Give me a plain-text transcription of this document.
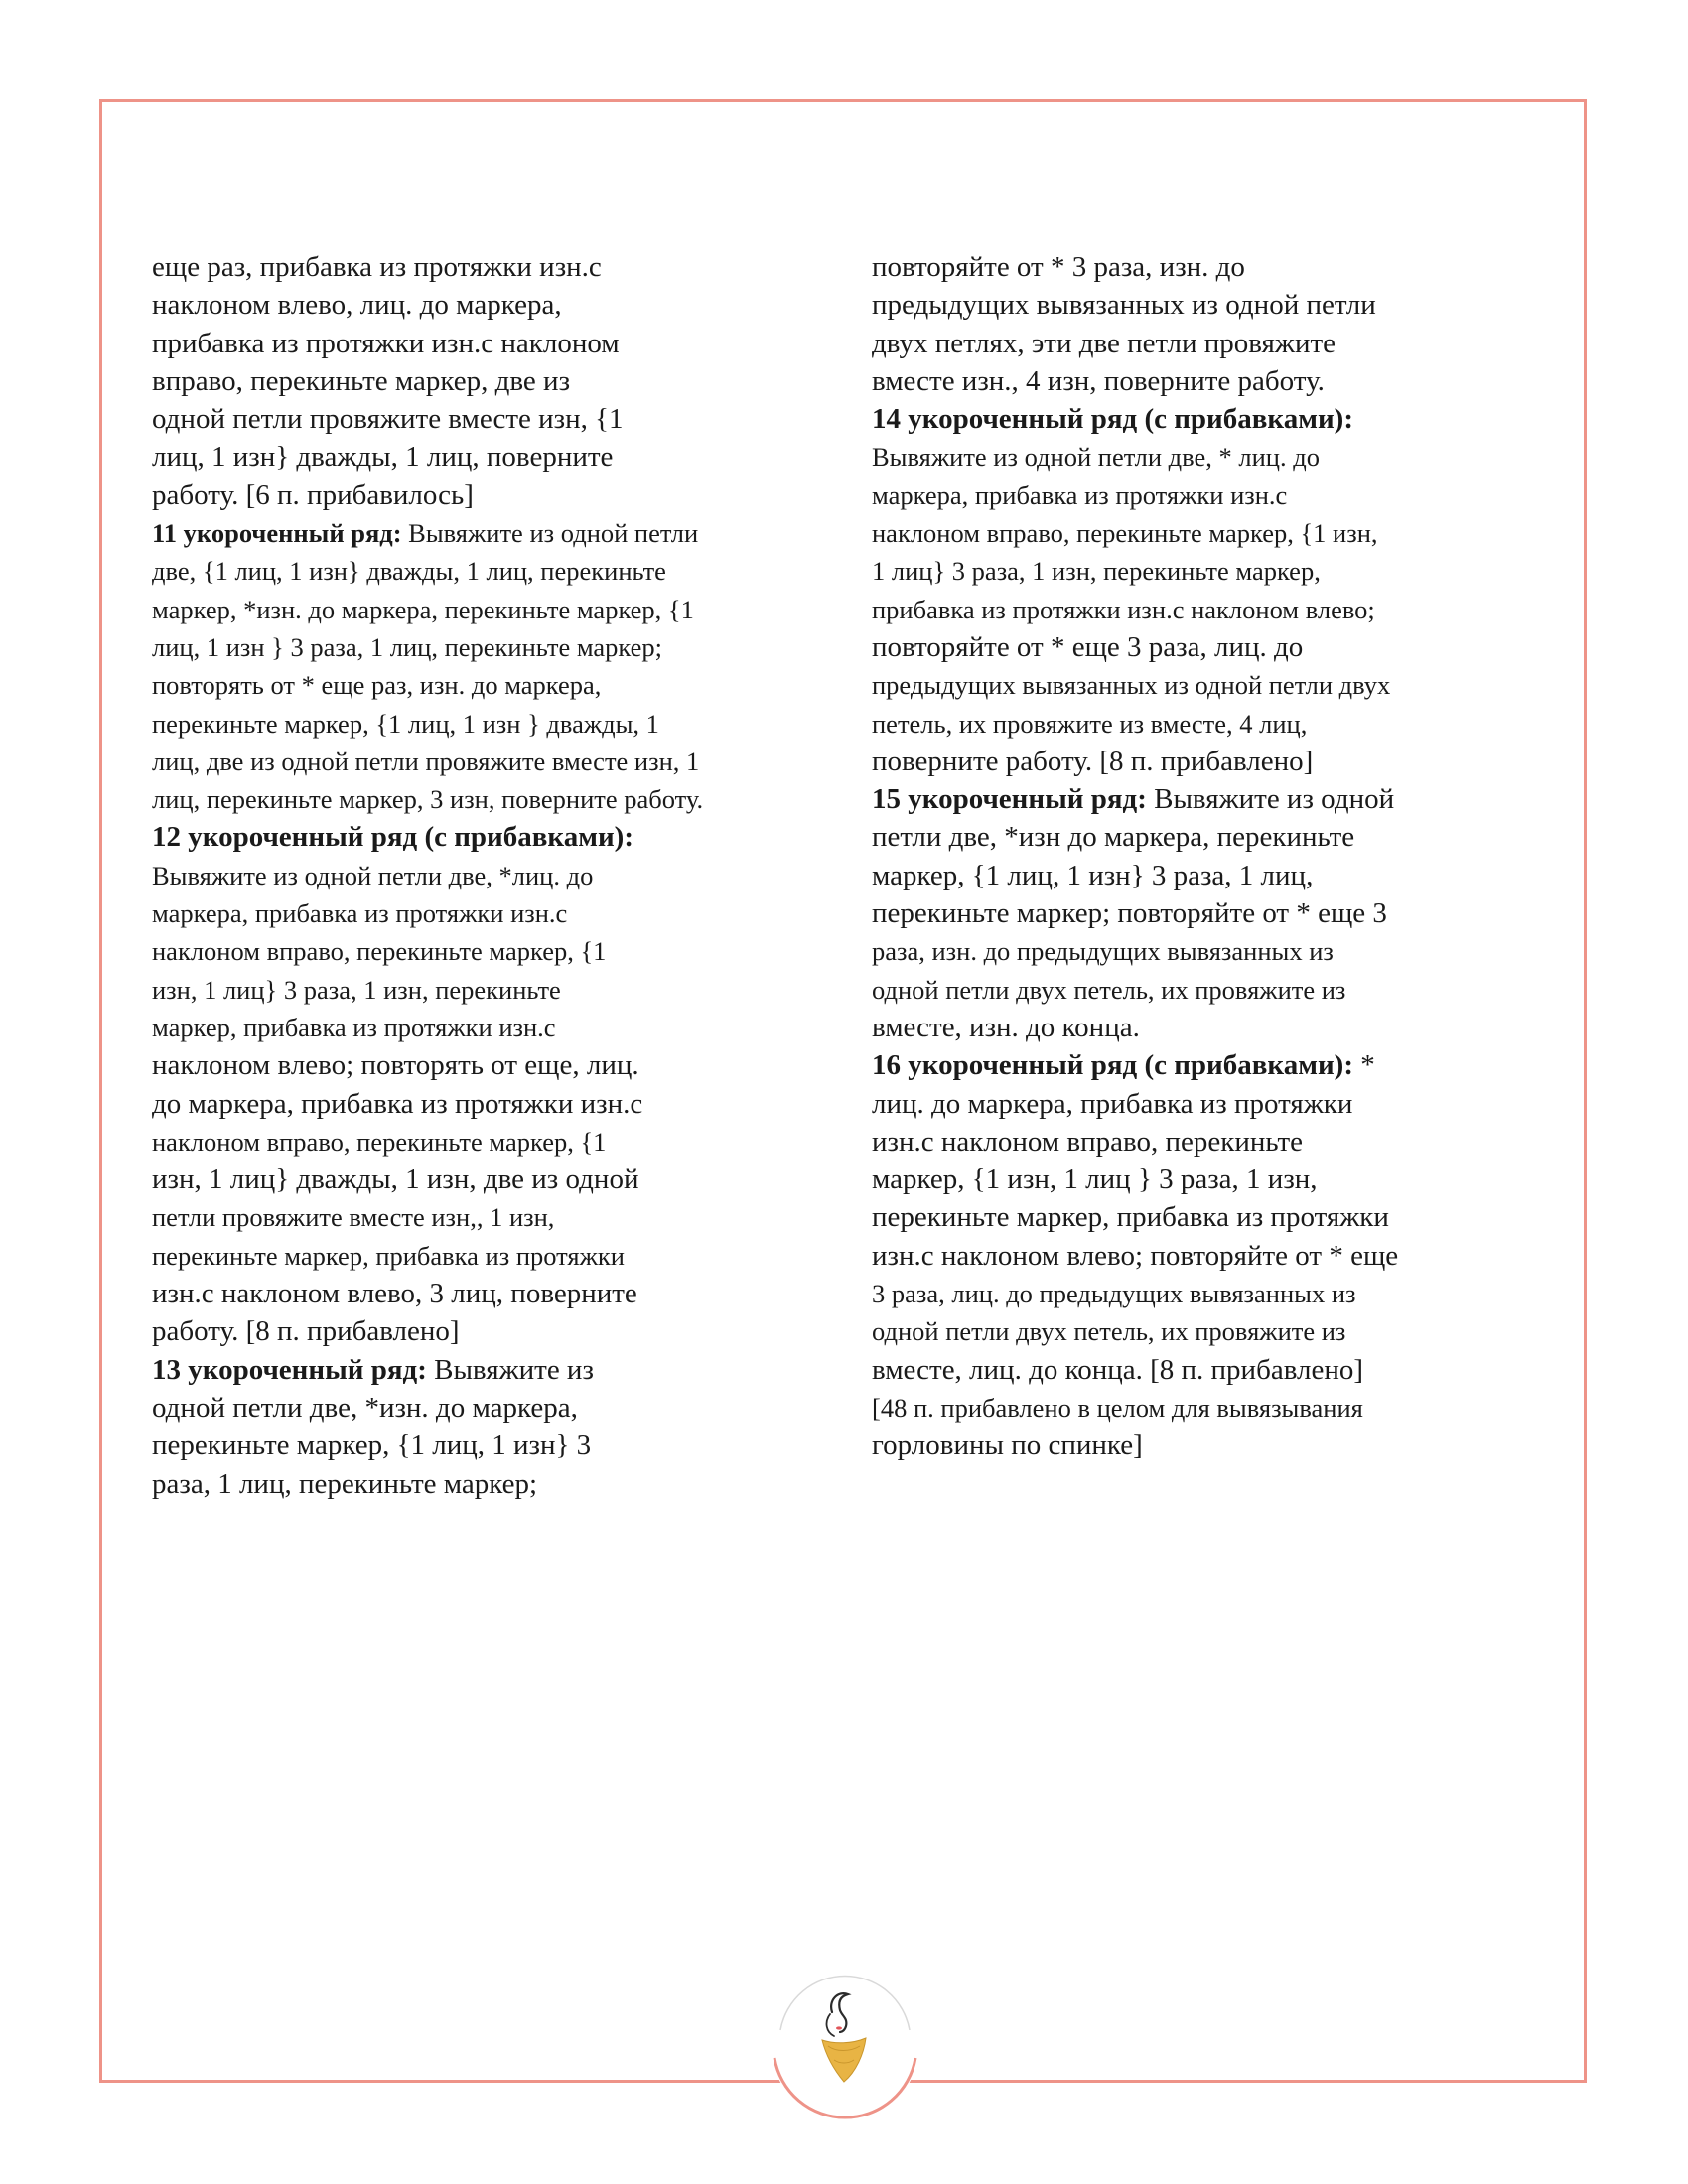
еще раз, прибавка из протяжки изн.с
наклоном влево, лиц. до маркера,
прибавка из протяжки изн.с наклоном
вправо, перекиньте маркер, две из
одной петли провяжите вместе изн, {1
лиц, 1 изн} дважды, 1 лиц, поверните
работу. [6 п. прибавилось]
11 укороченный ряд: Вывяжите из одной петли
две, {1 лиц, 1 изн} дважды, 1 лиц, перекиньте
маркер, *изн. до маркера, перекиньте маркер, {1
лиц, 1 изн } 3 раза, 1 лиц, перекиньте маркер;
повторять от * еще раз, изн. до маркера,
перекиньте маркер, {1 лиц, 1 изн } дважды, 1
лиц, две из одной петли провяжите вместе изн, 1
лиц, перекиньте маркер, 3 изн, поверните работу.
12 укороченный ряд (с прибавками):
Вывяжите из одной петли две, *лиц. до
маркера, прибавка из протяжки изн.с
наклоном вправо, перекиньте маркер, {1
изн, 1 лиц} 3 раза, 1 изн, перекиньте
маркер, прибавка из протяжки изн.с
наклоном влево; повторять от еще, лиц.
до маркера, прибавка из протяжки изн.с
наклоном вправо, перекиньте маркер, {1
изн, 1 лиц} дважды, 1 изн, две из одной
петли провяжите вместе изн,, 1 изн,
перекиньте маркер, прибавка из протяжки
изн.с наклоном влево, 3 лиц, поверните
работу. [8 п. прибавлено]
13 укороченный ряд: Вывяжите из
одной петли две, *изн. до маркера,
перекиньте маркер, {1 лиц, 1 изн} 3
раза, 1 лиц, перекиньте маркер;
повторяйте от * 3 раза, изн. до
предыдущих вывязанных из одной петли
двух петлях, эти две петли провяжите
вместе изн., 4 изн, поверните работу.
14 укороченный ряд (с прибавками):
Вывяжите из одной петли две, * лиц. до
маркера, прибавка из протяжки изн.с
наклоном вправо, перекиньте маркер, {1 изн,
1 лиц} 3 раза, 1 изн, перекиньте маркер,
прибавка из протяжки изн.с наклоном влево;
повторяйте от * еще 3 раза, лиц. до
предыдущих вывязанных из одной петли двух
петель, их провяжите из вместе, 4 лиц,
поверните работу. [8 п. прибавлено]
15 укороченный ряд: Вывяжите из одной
петли две, *изн до маркера, перекиньте
маркер, {1 лиц, 1 изн} 3 раза, 1 лиц,
перекиньте маркер; повторяйте от * еще 3
раза, изн. до предыдущих вывязанных из
одной петли двух петель, их провяжите из
вместе, изн. до конца.
16 укороченный ряд (с прибавками): *
лиц. до маркера, прибавка из протяжки
изн.с наклоном вправо, перекиньте
маркер, {1 изн, 1 лиц } 3 раза, 1 изн,
перекиньте маркер, прибавка из протяжки
изн.с наклоном влево; повторяйте от * еще
3 раза, лиц. до предыдущих вывязанных из
одной петли двух петель, их провяжите из
вместе, лиц. до конца. [8 п. прибавлено]
[48 п. прибавлено в целом для вывязывания
горловины по спинке]
